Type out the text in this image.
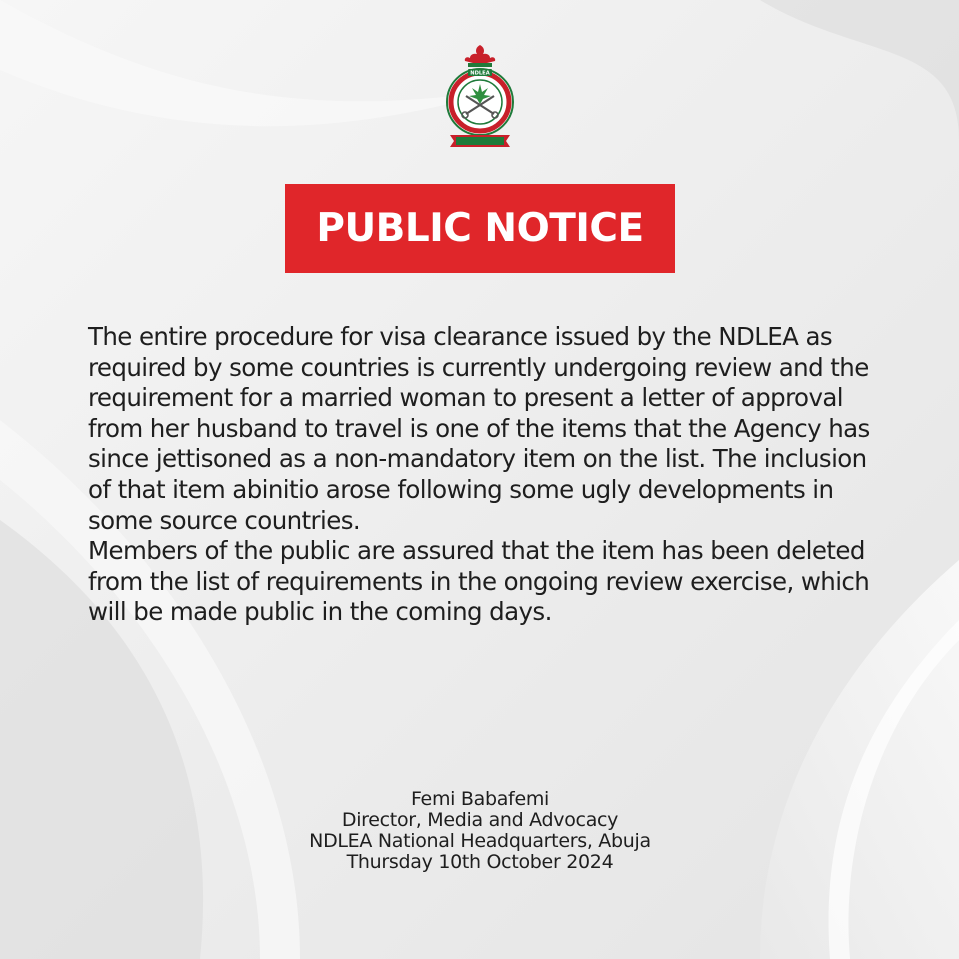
NDLEA
PUBLIC NOTICE

The entire procedure for visa clearance issued by the NDLEA as required by some countries is currently undergoing review and the requirement for a married woman to present a letter of approval from her husband to travel is one of the items that the Agency has since jettisoned as a non-mandatory item on the list. The inclusion of that item abinitio arose following some ugly developments in some source countries.

Members of the public are assured that the item has been deleted from the list of requirements in the ongoing review exercise, which will be made public in the coming days.

Femi Babafemi
Director, Media and Advocacy
NDLEA National Headquarters, Abuja
Thursday 10th October 2024
